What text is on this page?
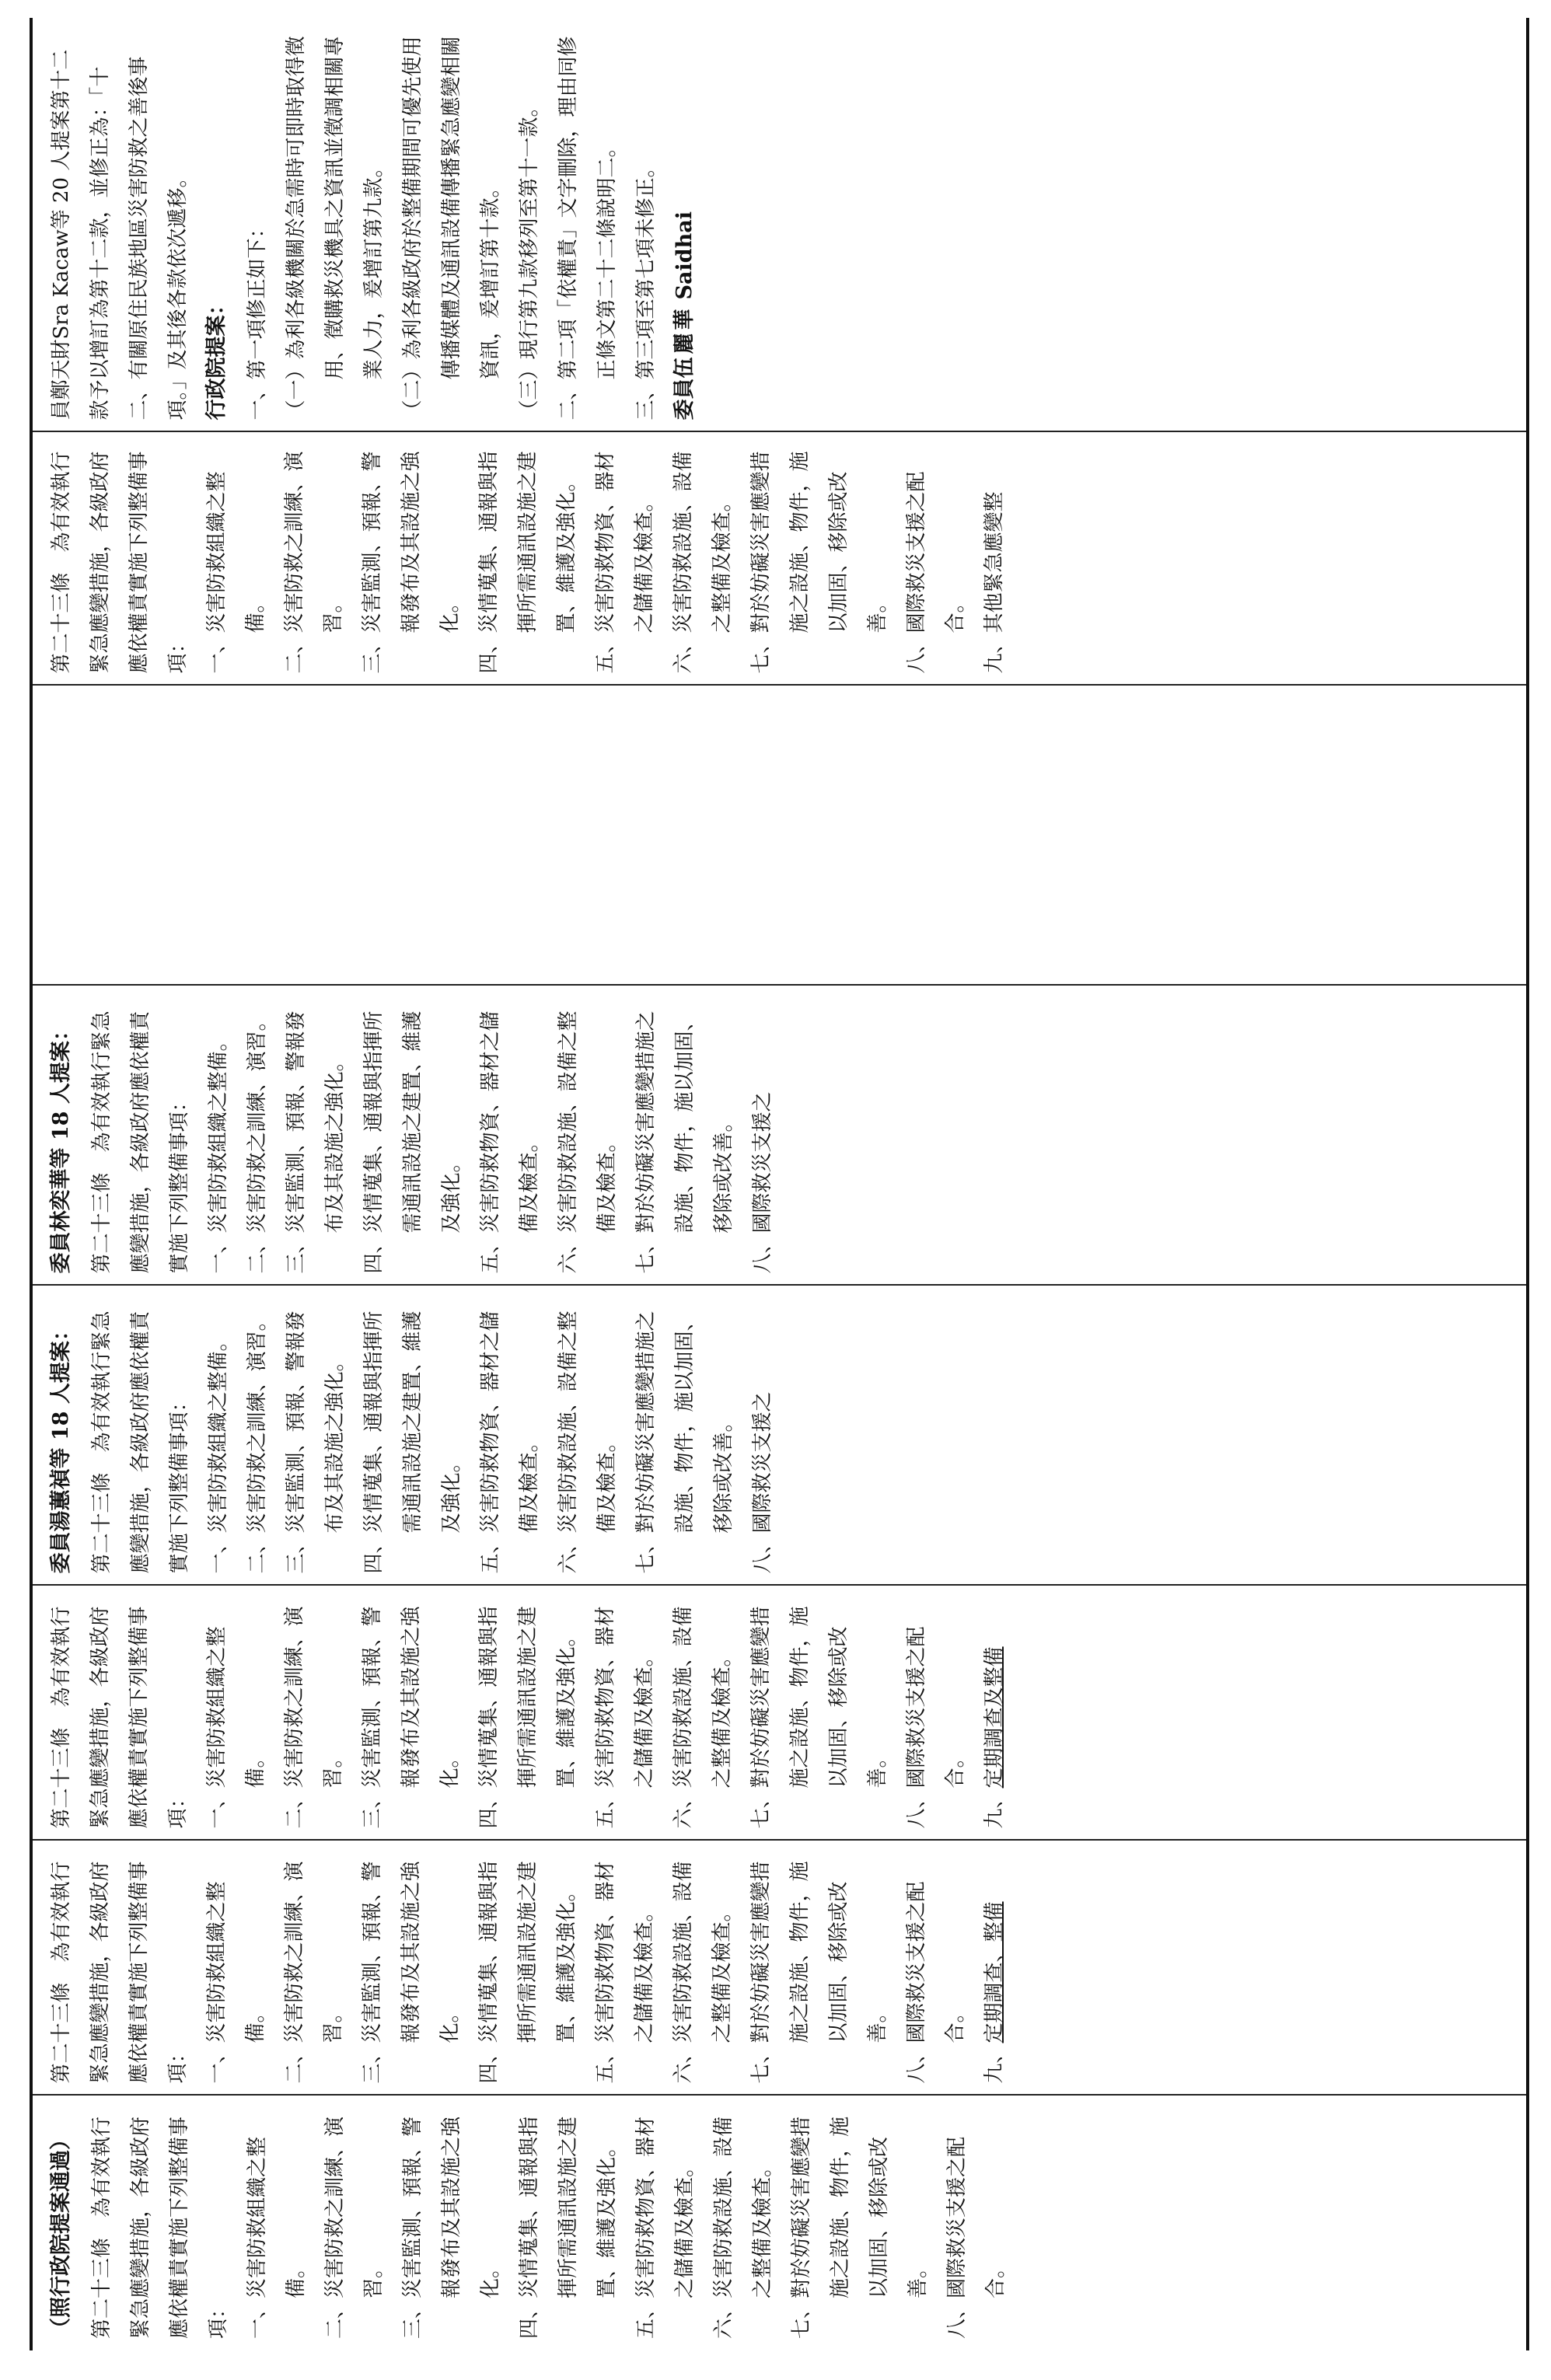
（照行政院提案通過） 第二十三條　為有效執行緊急應變措施，各級政府應依權責實施下列整備事項： 一、災害防救組織之整備。 二、災害防救之訓練、演習。 三、災害監測、預報、警報發布及其設施之強化。 四、災情蒐集、通報與指揮所需通訊設施之建置、維護及強化。 五、災害防救物資、器材之儲備及檢查。 六、災害防救設施、設備之整備及檢查。 七、對於妨礙災害應變措施之設施、物件，施以加固、移除或改善。 八、國際救災支援之配合。

第二十三條　為有效執行緊急應變措施，各級政府應依權責實施下列整備事項： 一、災害防救組織之整備。 二、災害防救之訓練、演習。 三、災害監測、預報、警報發布及其設施之強化。 四、災情蒐集、通報與指揮所需通訊設施之建置、維護及強化。 五、災害防救物資、器材之儲備及檢查。 六、災害防救設施、設備之整備及檢查。 七、對於妨礙災害應變措施之設施、物件，施以加固、移除或改善。 八、國際救災支援之配合。
九、定期調查、整備

第二十三條　為有效執行緊急應變措施，各級政府應依權責實施下列整備事項： 一、災害防救組織之整備。 二、災害防救之訓練、演習。 三、災害監測、預報、警報發布及其設施之強化。 四、災情蒐集、通報與指揮所需通訊設施之建置、維護及強化。 五、災害防救物資、器材之儲備及檢查。 六、災害防救設施、設備之整備及檢查。 七、對於妨礙災害應變措施之設施、物件，施以加固、移除或改善。 八、國際救災支援之配合。
九、定期調查及整備

委員湯蕙禎等 18 人提案： 第二十三條　為有效執行緊急應變措施，各級政府應依權責實施下列整備事項： 一、災害防救組織之整備。 二、災害防救之訓練、演習。 三、災害監測、預報、警報發布及其設施之強化。 四、災情蒐集、通報與指揮所需通訊設施之建置、維護及強化。 五、災害防救物資、器材之儲備及檢查。 六、災害防救設施、設備之整備及檢查。 七、對於妨礙災害應變措施之設施、物件，施以加固、移除或改善。 八、國際救災支援之

委員林奕華等 18 人提案： 第二十三條　為有效執行緊急應變措施，各級政府應依權責實施下列整備事項： 一、災害防救組織之整備。 二、災害防救之訓練、演習。 三、災害監測、預報、警報發布及其設施之強化。 四、災情蒐集、通報與指揮所需通訊設施之建置、維護及強化。 五、災害防救物資、器材之儲備及檢查。 六、災害防救設施、設備之整備及檢查。 七、對於妨礙災害應變措施之設施、物件，施以加固、移除或改善。 八、國際救災支援之

第二十三條　為有效執行緊急應變措施，各級政府應依權責實施下列整備事項： 一、災害防救組織之整備。 二、災害防救之訓練、演習。 三、災害監測、預報、警報發布及其設施之強化。 四、災情蒐集、通報與指揮所需通訊設施之建置、維護及強化。 五、災害防救物資、器材之儲備及檢查。 六、災害防救設施、設備之整備及檢查。 七、對於妨礙災害應變措施之設施、物件，施以加固、移除或改善。 八、國際救災支援之配合。 九、其他緊急應變整

員鄭天財Sra Kacaw等 20 人提案第十二款予以增訂為第十二款，並修正為：「十二、有關原住民族地區災害防救之善後事項。」及其後各款依次遞移。 行政院提案： 一、第一項修正如下： （一）為利各級機關於急需時可即時取得徵用、徵購救災機具之資訊並徵調相關專業人力，爰增訂第九款。 （二）為利各級政府於整備期間可優先使用傳播媒體及通訊設備傳播緊急應變相關資訊，爰增訂第十款。 （三）現行第九款移列至第十一款。 二、第二項「依權責」文字刪除，理由同修正條文第二十二條說明二。 三、第三項至第七項未修正。 委員伍麗華Saidhai
